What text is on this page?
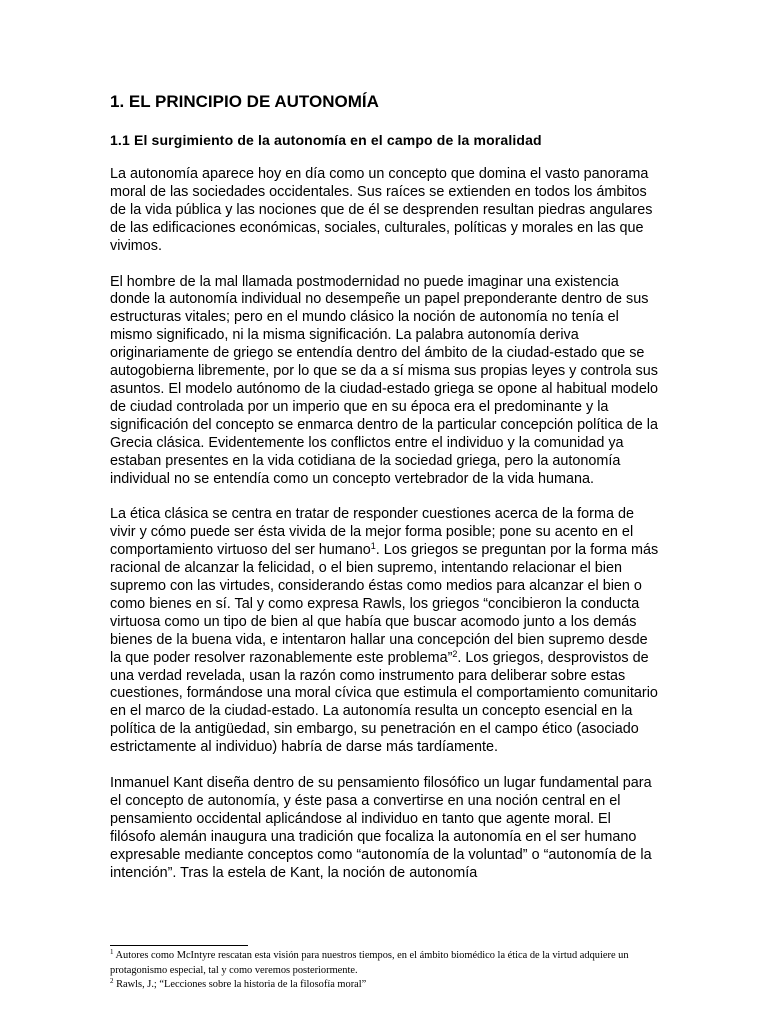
1. EL PRINCIPIO DE AUTONOMÍA
1.1 El surgimiento de la autonomía en el campo de la moralidad

La autonomía aparece hoy en día como un concepto que domina el vasto panorama moral de las sociedades occidentales. Sus raíces se extienden en todos los ámbitos de la vida pública y las nociones que de él se desprenden resultan piedras angulares de las edificaciones económicas, sociales, culturales, políticas y morales en las que vivimos.

El hombre de la mal llamada postmodernidad no puede imaginar una existencia donde la autonomía individual no desempeñe un papel preponderante dentro de sus estructuras vitales; pero en el mundo clásico la noción de autonomía no tenía el mismo significado, ni la misma significación. La palabra autonomía deriva originariamente de griego se entendía dentro del ámbito de la ciudad-estado que se autogobierna libremente, por lo que se da a sí misma sus propias leyes y controla sus asuntos. El modelo autónomo de la ciudad-estado griega se opone al habitual modelo de ciudad controlada por un imperio que en su época era el predominante y la significación del concepto se enmarca dentro de la particular concepción política de la Grecia clásica. Evidentemente los conflictos entre el individuo y la comunidad ya estaban presentes en la vida cotidiana de la sociedad griega, pero la autonomía individual no se entendía como un concepto vertebrador de la vida humana.

La ética clásica se centra en tratar de responder cuestiones acerca de la forma de vivir y cómo puede ser ésta vivida de la mejor forma posible; pone su acento en el comportamiento virtuoso del ser humano$^1$. Los griegos se preguntan por la forma más racional de alcanzar la felicidad, o el bien supremo, intentando relacionar el bien supremo con las virtudes, considerando éstas como medios para alcanzar el bien o como bienes en sí. Tal y como expresa Rawls, los griegos “concibieron la conducta virtuosa como un tipo de bien al que había que buscar acomodo junto a los demás bienes de la buena vida, e intentaron hallar una concepción del bien supremo desde la que poder resolver razonablemente este problema”$^2$. Los griegos, desprovistos de una verdad revelada, usan la razón como instrumento para deliberar sobre estas cuestiones, formándose una moral cívica que estimula el comportamiento comunitario en el marco de la ciudad-estado. La autonomía resulta un concepto esencial en la política de la antigüedad, sin embargo, su penetración en el campo ético (asociado estrictamente al individuo) habría de darse más tardíamente.

Inmanuel Kant diseña dentro de su pensamiento filosófico un lugar fundamental para el concepto de autonomía, y éste pasa a convertirse en una noción central en el pensamiento occidental aplicándose al individuo en tanto que agente moral. El filósofo alemán inaugura una tradición que focaliza la autonomía en el ser humano expresable mediante conceptos como “autonomía de la voluntad” o “autonomía de la intención”. Tras la estela de Kant, la noción de autonomía

$^1$ Autores como McIntyre rescatan esta visión para nuestros tiempos, en el ámbito biomédico la ética de la virtud adquiere un protagonismo especial, tal y como veremos posteriormente.

$^2$ Rawls, J.; “Lecciones sobre la historia de la filosofía moral”
